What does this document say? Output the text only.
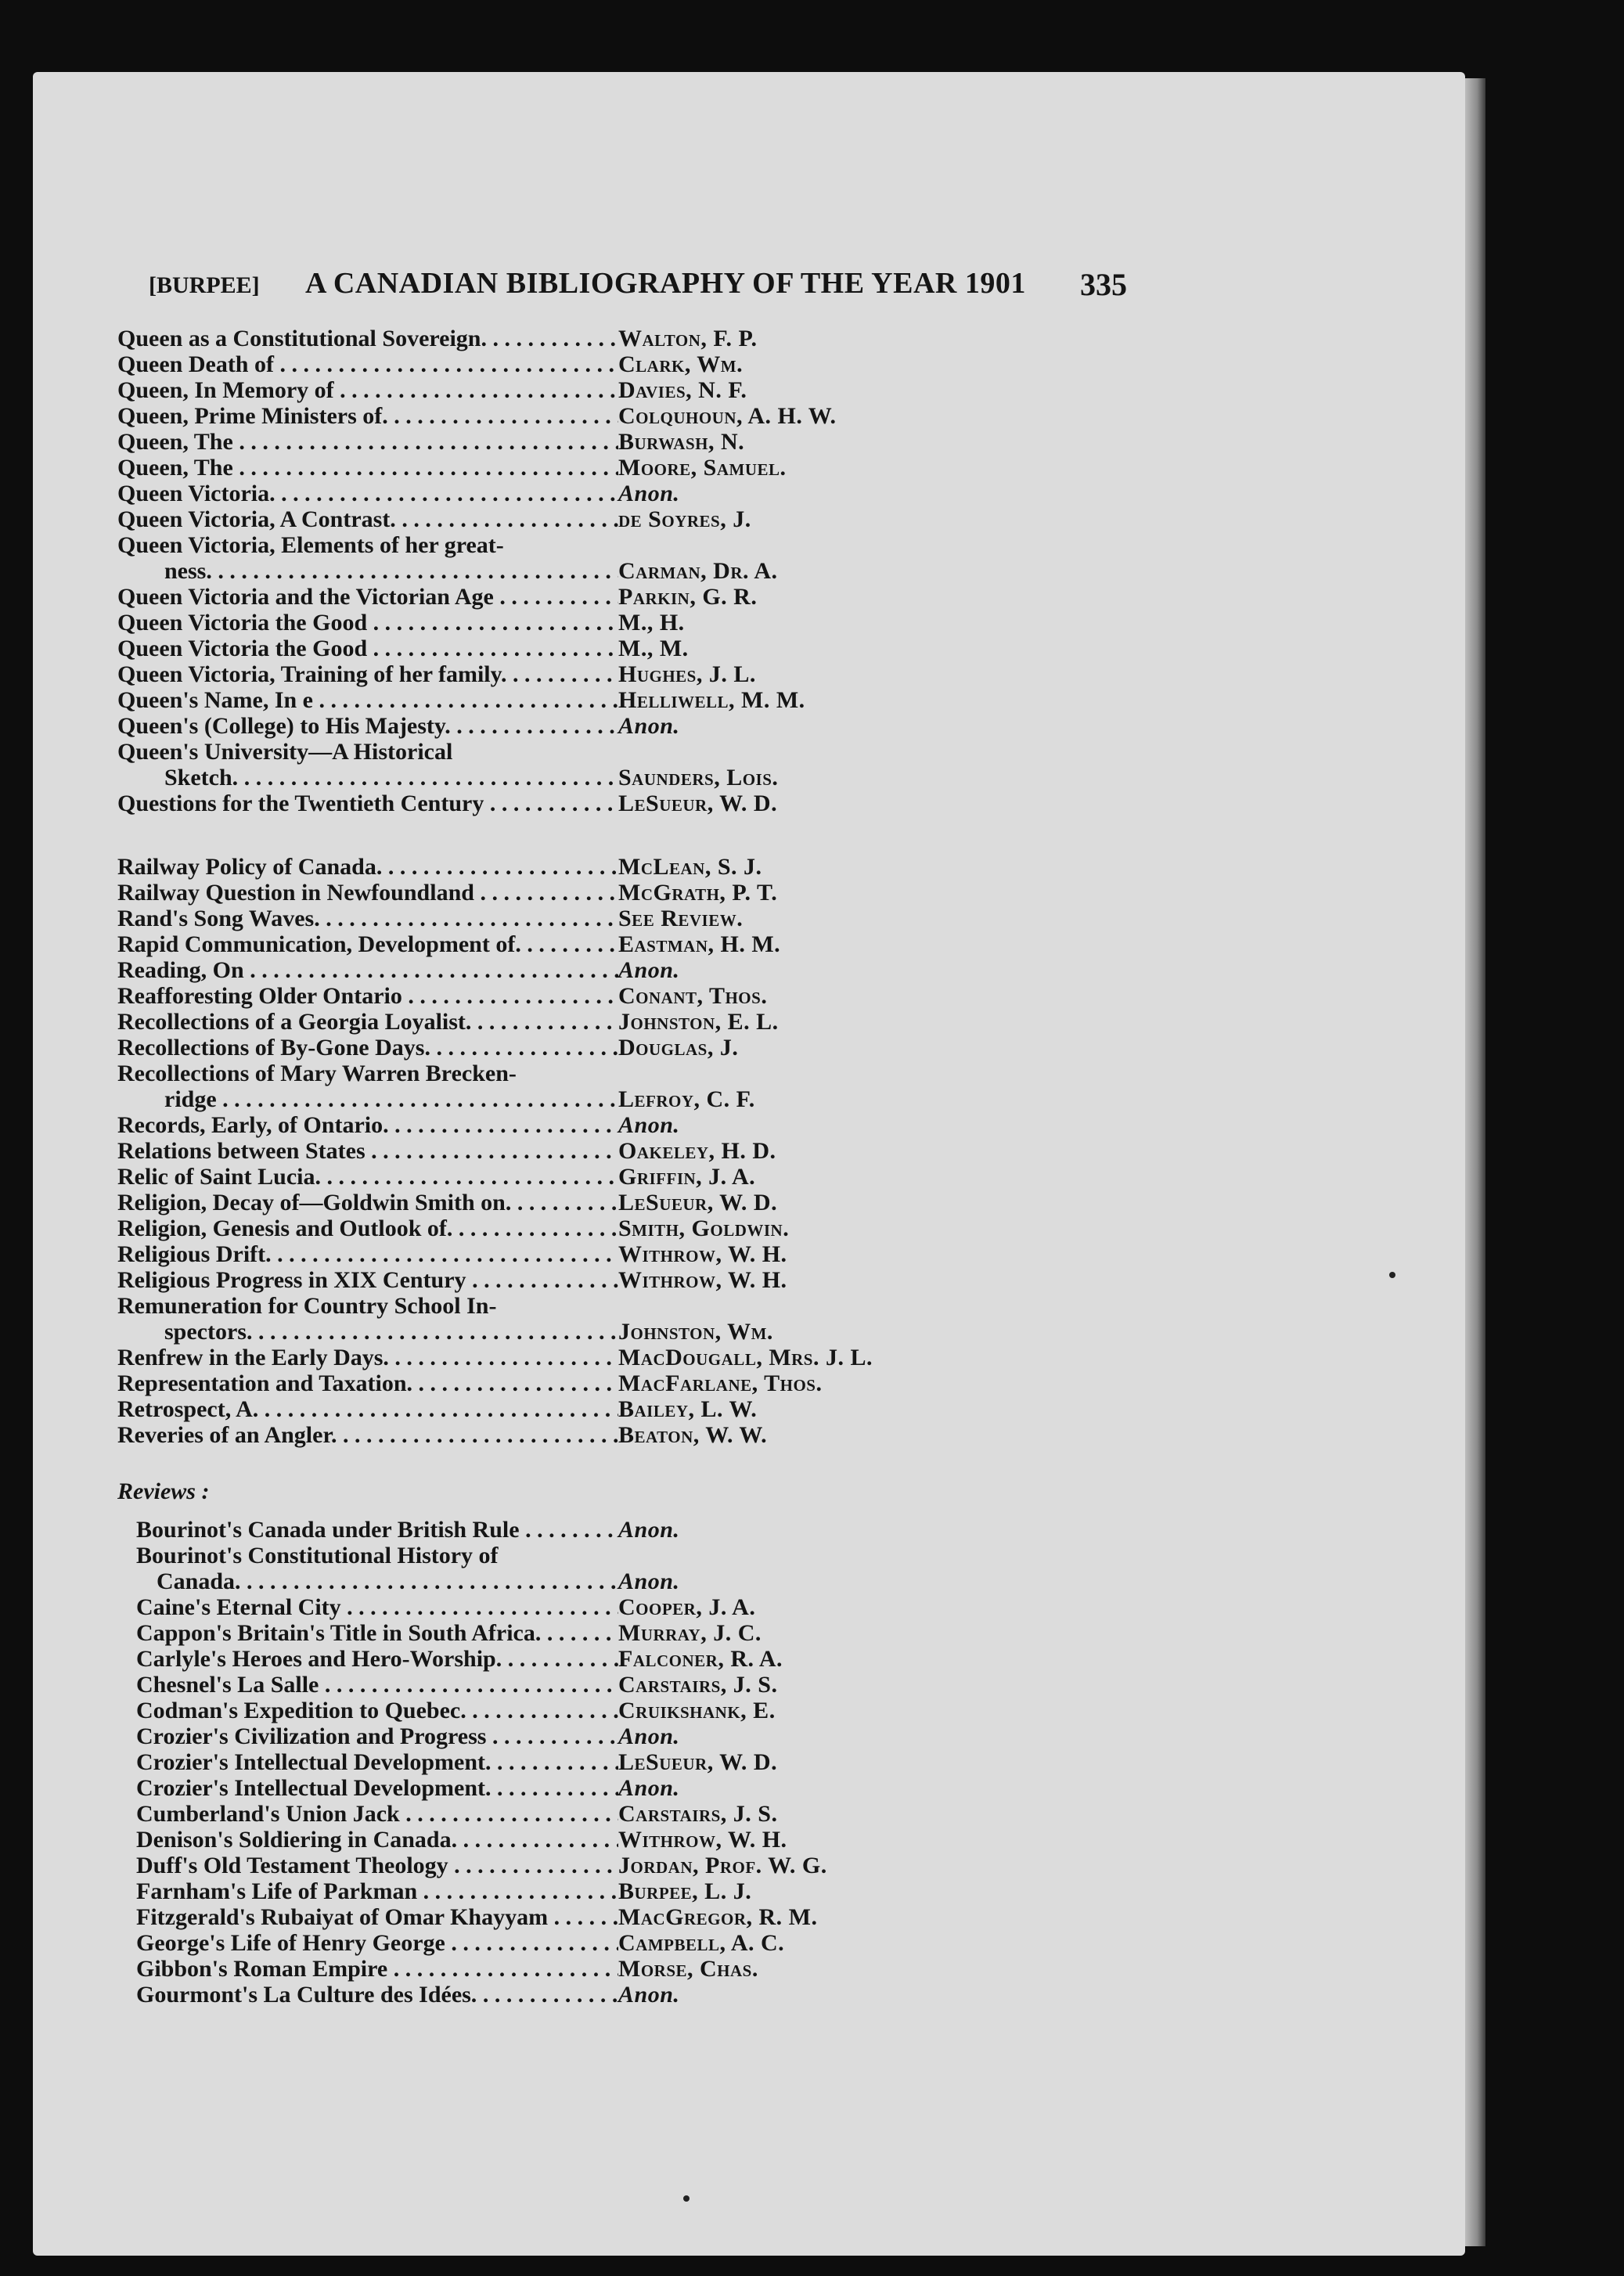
[BURPEE] A CANADIAN BIBLIOGRAPHY OF THE YEAR 1901 335
Queen as a Constitutional Sovereign. . . .	Walton, F. P.
Queen Death of . . .	Clark, Wm.
Queen, In Memory of . . .	Davies, N. F.
Queen, Prime Ministers of. . . .	Colquhoun, A. H. W.
Queen, The . . .	Burwash, N.
Queen, The . . .	Moore, Samuel.
Queen Victoria. . . .	Anon.
Queen Victoria, A Contrast. . . .	de Soyres, J.
Queen Victoria, Elements of her great-
ness. . . .	Carman, Dr. A.
Queen Victoria and the Victorian Age . . .	Parkin, G. R.
Queen Victoria the Good . . .	M., H.
Queen Victoria the Good . . .	M., M.
Queen Victoria, Training of her family. . . .	Hughes, J. L.
Queen's Name, In e . . .	Helliwell, M. M.
Queen's (College) to His Majesty. . . .	Anon.
Queen's University—A Historical
Sketch. . . .	Saunders, Lois.
Questions for the Twentieth Century . . .	LeSueur, W. D.
Railway Policy of Canada. . . .	McLean, S. J.
Railway Question in Newfoundland . . .	McGrath, P. T.
Rand's Song Waves. . . .	See Review.
Rapid Communication, Development of. . . .	Eastman, H. M.
Reading, On . . .	Anon.
Reafforesting Older Ontario . . .	Conant, Thos.
Recollections of a Georgia Loyalist. . . .	Johnston, E. L.
Recollections of By-Gone Days. . . .	Douglas, J.
Recollections of Mary Warren Brecken-
ridge . . .	Lefroy, C. F.
Records, Early, of Ontario. . . .	Anon.
Relations between States . . .	Oakeley, H. D.
Relic of Saint Lucia. . . .	Griffin, J. A.
Religion, Decay of—Goldwin Smith on. . . .	LeSueur, W. D.
Religion, Genesis and Outlook of. . . .	Smith, Goldwin.
Religious Drift. . . .	Withrow, W. H.
Religious Progress in XIX Century . . .	Withrow, W. H.
Remuneration for Country School In-
spectors. . . .	Johnston, Wm.
Renfrew in the Early Days. . . .	MacDougall, Mrs. J. L.
Representation and Taxation. . . .	MacFarlane, Thos.
Retrospect, A. . . .	Bailey, L. W.
Reveries of an Angler. . . .	Beaton, W. W.
Reviews :
Bourinot's Canada under British Rule . . .	Anon.
Bourinot's Constitutional History of
Canada. . . .	Anon.
Caine's Eternal City . . .	Cooper, J. A.
Cappon's Britain's Title in South Africa. . . .	Murray, J. C.
Carlyle's Heroes and Hero-Worship. . . .	Falconer, R. A.
Chesnel's La Salle . . .	Carstairs, J. S.
Codman's Expedition to Quebec. . . .	Cruikshank, E.
Crozier's Civilization and Progress . . .	Anon.
Crozier's Intellectual Development. . . .	LeSueur, W. D.
Crozier's Intellectual Development. . . .	Anon.
Cumberland's Union Jack . . .	Carstairs, J. S.
Denison's Soldiering in Canada. . . .	Withrow, W. H.
Duff's Old Testament Theology . . .	Jordan, Prof. W. G.
Farnham's Life of Parkman . . .	Burpee, L. J.
Fitzgerald's Rubaiyat of Omar Khayyam . . .	MacGregor, R. M.
George's Life of Henry George . . .	Campbell, A. C.
Gibbon's Roman Empire . . .	Morse, Chas.
Gourmont's La Culture des Idées. . . .	Anon.
